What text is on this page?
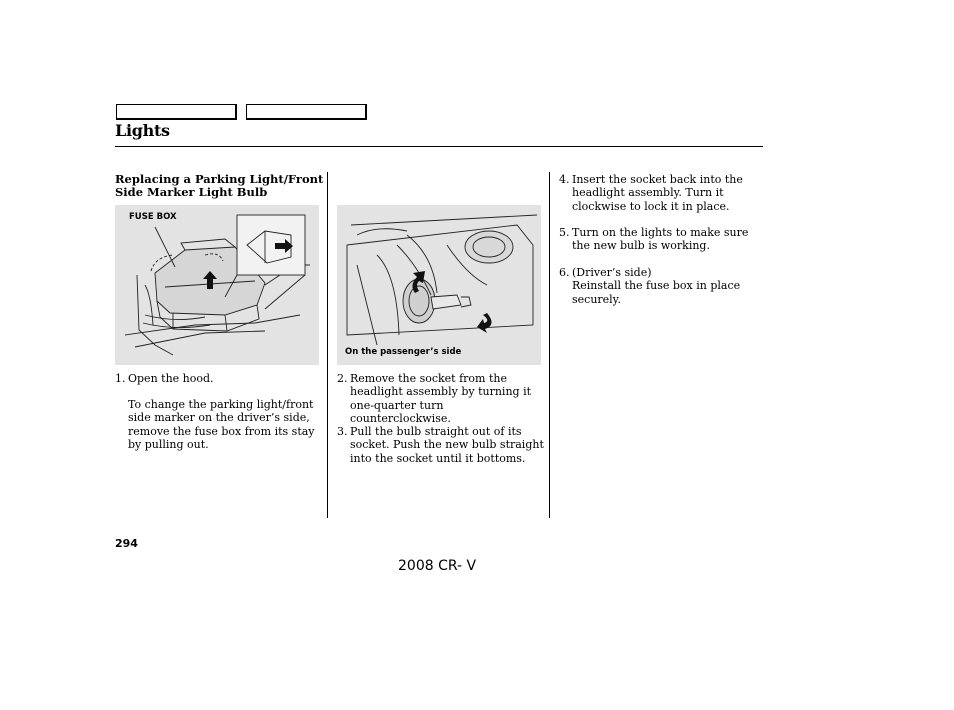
Lights
Replacing a Parking Light/Front Side Marker Light Bulb
FUSE BOX
On the passenger’s side
1. Open the hood.
To change the parking light/front side marker on the driver’s side, remove the fuse box from its stay by pulling out.
2. Remove the socket from the headlight assembly by turning it one-quarter turn counterclockwise.
3. Pull the bulb straight out of its socket. Push the new bulb straight into the socket until it bottoms.
4. Insert the socket back into the headlight assembly. Turn it clockwise to lock it in place.
5. Turn on the lights to make sure the new bulb is working.
6. (Driver’s side)
Reinstall the fuse box in place securely.
294
2008 CR- V
